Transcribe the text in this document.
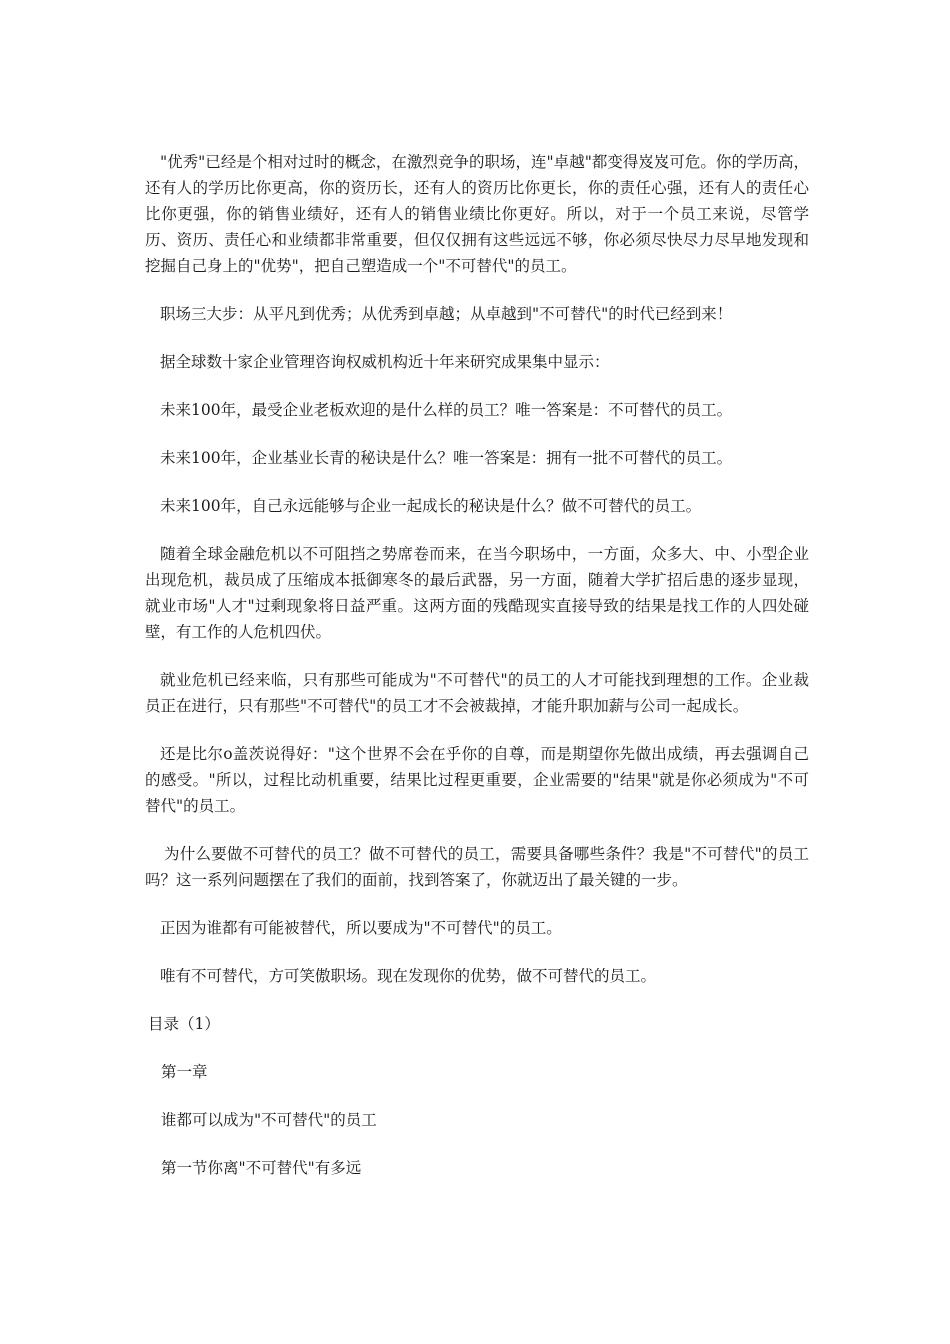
"优秀"已经是个相对过时的概念，在激烈竞争的职场，连"卓越"都变得岌岌可危。你的学历高，还有人的学历比你更高，你的资历长，还有人的资历比你更长，你的责任心强，还有人的责任心比你更强，你的销售业绩好，还有人的销售业绩比你更好。所以，对于一个员工来说，尽管学历、资历、责任心和业绩都非常重要，但仅仅拥有这些远远不够，你必须尽快尽力尽早地发现和挖掘自己身上的"优势"，把自己塑造成一个"不可替代"的员工。

职场三大步：从平凡到优秀；从优秀到卓越；从卓越到"不可替代"的时代已经到来！

据全球数十家企业管理咨询权威机构近十年来研究成果集中显示：

未来100年，最受企业老板欢迎的是什么样的员工？唯一答案是：不可替代的员工。

未来100年，企业基业长青的秘诀是什么？唯一答案是：拥有一批不可替代的员工。

未来100年，自己永远能够与企业一起成长的秘诀是什么？做不可替代的员工。

随着全球金融危机以不可阻挡之势席卷而来，在当今职场中，一方面，众多大、中、小型企业出现危机，裁员成了压缩成本抵御寒冬的最后武器，另一方面，随着大学扩招后患的逐步显现，就业市场"人才"过剩现象将日益严重。这两方面的残酷现实直接导致的结果是找工作的人四处碰壁，有工作的人危机四伏。

就业危机已经来临，只有那些可能成为"不可替代"的员工的人才可能找到理想的工作。企业裁员正在进行，只有那些"不可替代"的员工才不会被裁掉，才能升职加薪与公司一起成长。

还是比尔o盖茨说得好："这个世界不会在乎你的自尊，而是期望你先做出成绩，再去强调自己的感受。"所以，过程比动机重要，结果比过程更重要，企业需要的"结果"就是你必须成为"不可替代"的员工。

为什么要做不可替代的员工？做不可替代的员工，需要具备哪些条件？我是"不可替代"的员工吗？这一系列问题摆在了我们的面前，找到答案了，你就迈出了最关键的一步。

正因为谁都有可能被替代，所以要成为"不可替代"的员工。

唯有不可替代，方可笑傲职场。现在发现你的优势，做不可替代的员工。

目录（1）

第一章

谁都可以成为"不可替代"的员工

第一节你离"不可替代"有多远
